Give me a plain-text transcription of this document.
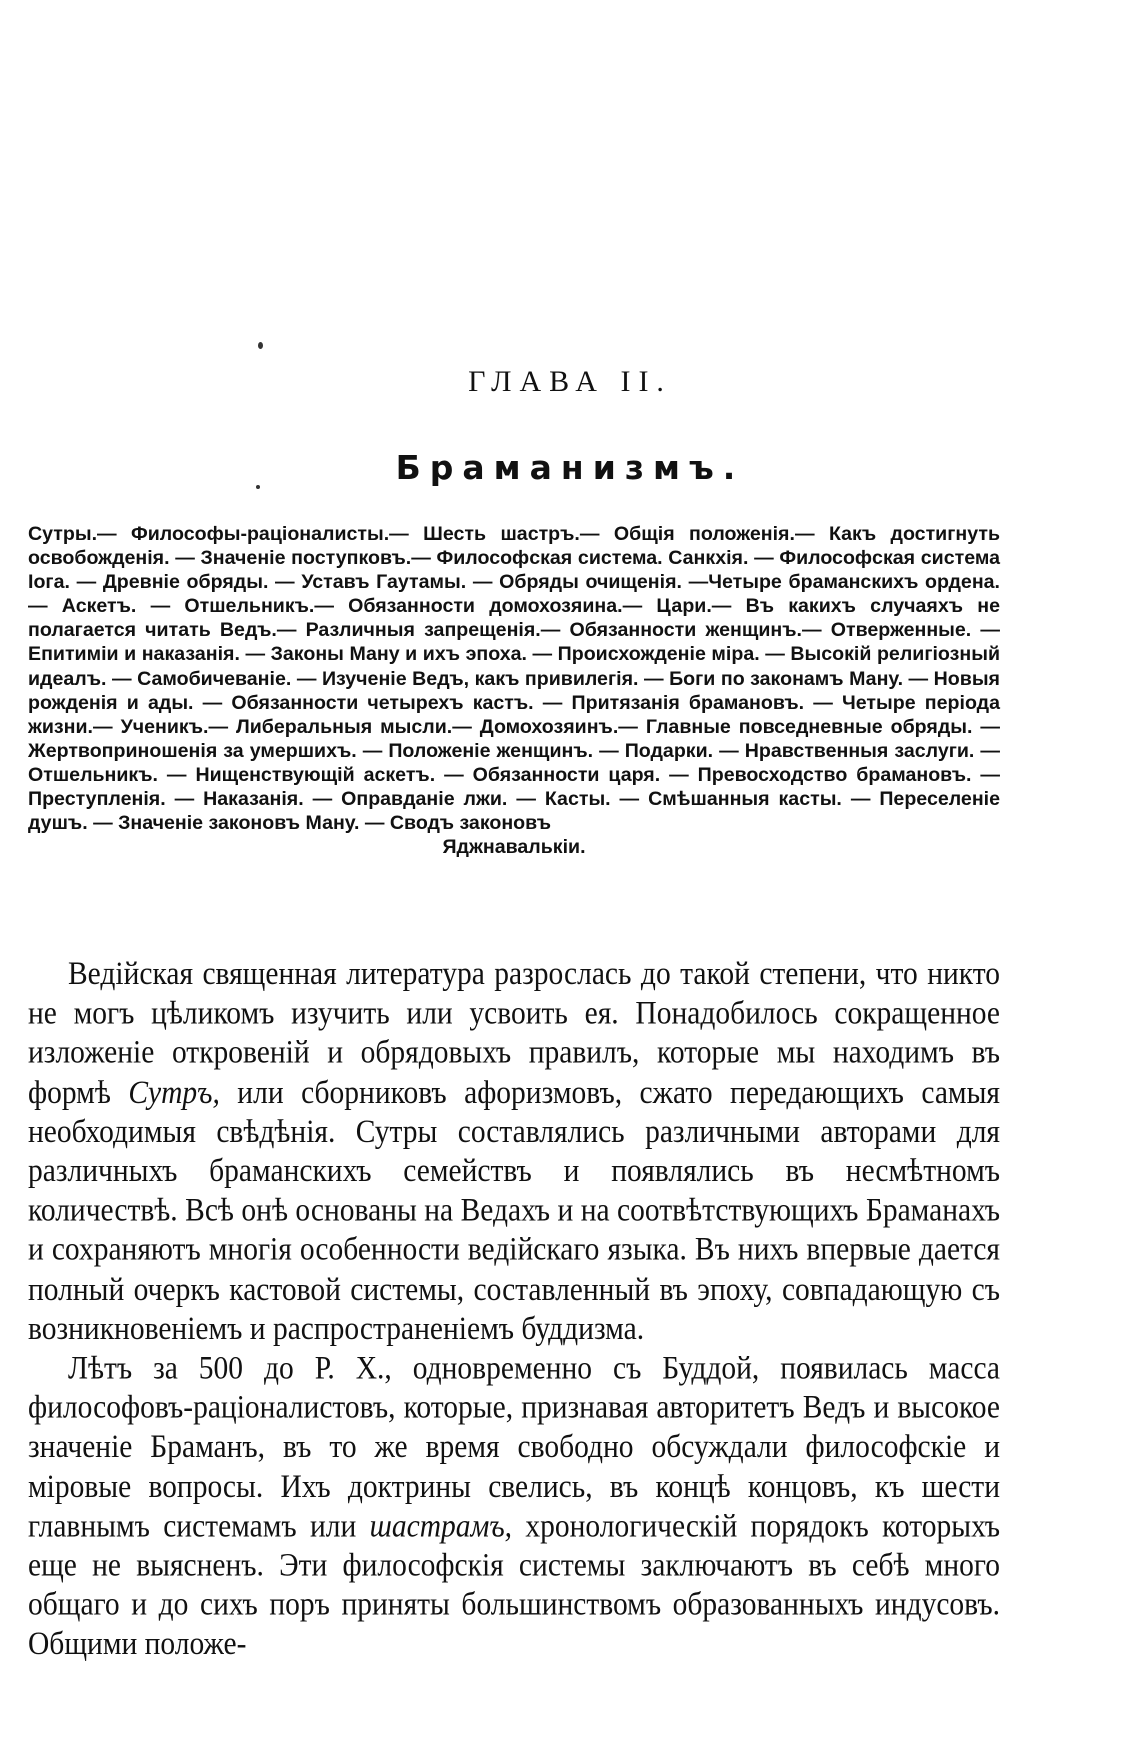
ГЛАВА II.
Браманизмъ.
Сутры.— Философы-раціоналисты.— Шесть шастръ.— Общія положенія.— Какъ достигнуть освобожденія. — Значеніе поступковъ.— Философская система. Санкхія. — Философская система Іога. — Древніе обряды. — Уставъ Гаутамы. — Обряды очищенія. —Четыре браманскихъ ордена.— Аскетъ. — Отшельникъ.— Обязанности домохозяина.— Цари.— Въ какихъ случаяхъ не полагается читать Ведъ.— Различныя запрещенія.— Обязанности женщинъ.— Отверженные. — Епитиміи и наказанія. — Законы Ману и ихъ эпоха. — Происхожденіе міра. — Высокій религіозный идеалъ. — Самобичеваніе. — Изученіе Ведъ, какъ привилегія. — Боги по законамъ Ману. — Новыя рожденія и ады. — Обязанности четырехъ кастъ. — Притязанія брамановъ. — Четыре періода жизни.— Ученикъ.— Либеральныя мысли.— Домохозяинъ.— Главные повседневные обряды. — Жертвоприношенія за умершихъ. — Положеніе женщинъ. — Подарки. — Нравственныя заслуги. — Отшельникъ. — Нищенствующій аскетъ. — Обязанности царя. — Превосходство брамановъ. — Преступленія. — Наказанія. — Оправданіе лжи. — Касты. — Смѣшанныя касты. — Переселеніе душъ. — Значеніе законовъ Ману. — Сводъ законовъ
Яджнавалькіи.

Ведійская священная литература разрослась до такой степени, что никто не могъ цѣликомъ изучить или усвоить ея. Понадобилось сокращенное изложеніе откровеній и обрядовыхъ правилъ, которые мы находимъ въ формѣ Сутръ, или сборниковъ афоризмовъ, сжато передающихъ самыя необходимыя свѣдѣнія. Сутры составлялись различными авторами для различныхъ браманскихъ семействъ и появлялись въ несмѣтномъ количествѣ. Всѣ онѣ основаны на Ведахъ и на соотвѣтствующихъ Браманахъ и сохраняютъ многія особенности ведійскаго языка. Въ нихъ впервые дается полный очеркъ кастовой системы, составленный въ эпоху, совпадающую съ возникновеніемъ и распространеніемъ буддизма.

Лѣтъ за 500 до Р. Х., одновременно съ Буддой, появилась масса философовъ-раціоналистовъ, которые, признавая авторитетъ Ведъ и высокое значеніе Браманъ, въ то же время свободно обсуждали философскіе и міровые вопросы. Ихъ доктрины свелись, въ концѣ концовъ, къ шести главнымъ системамъ или шастрамъ, хронологическій порядокъ которыхъ еще не выясненъ. Эти философскія системы заключаютъ въ себѣ много общаго и до сихъ поръ приняты большинствомъ образованныхъ индусовъ. Общими положе-
